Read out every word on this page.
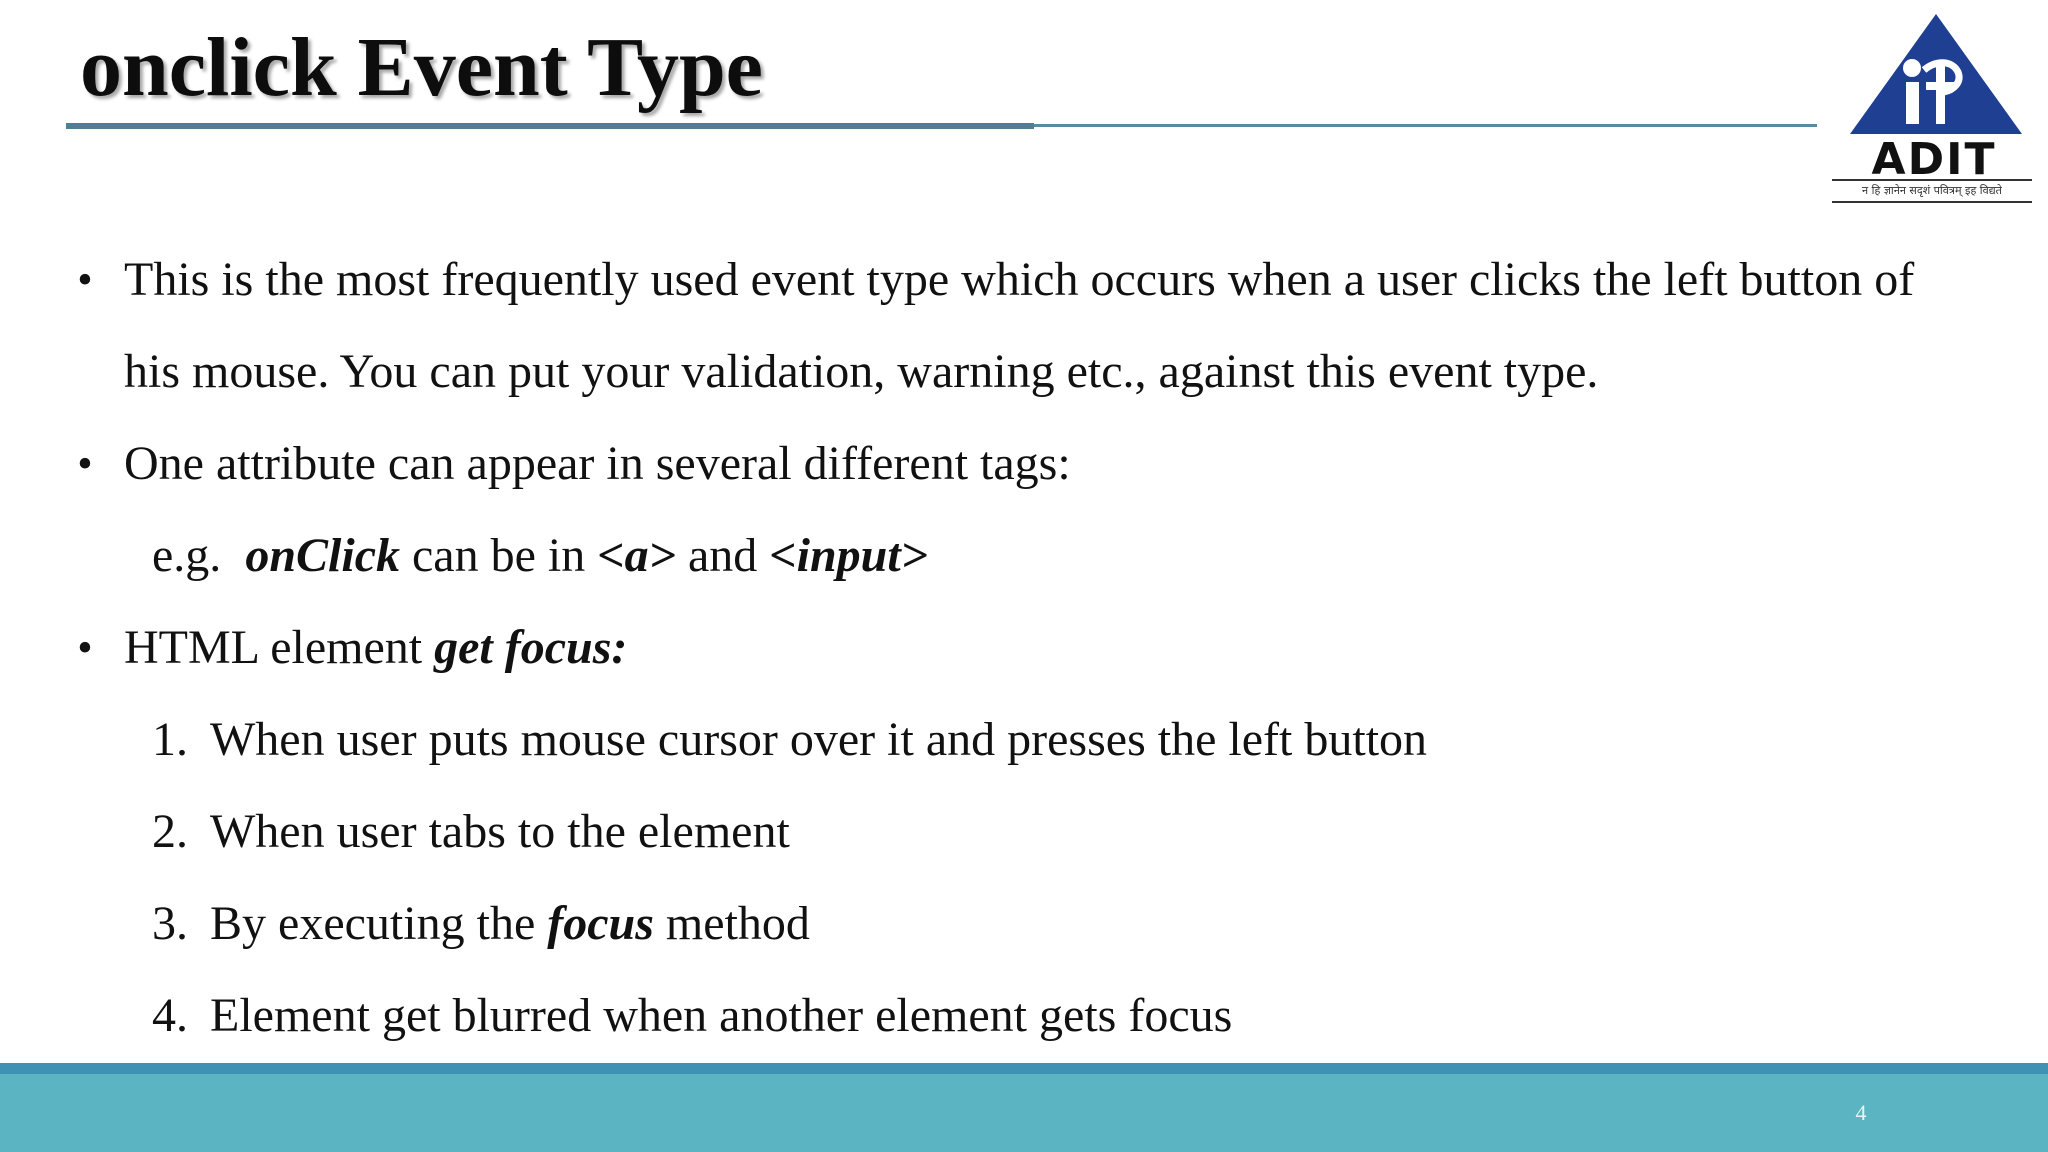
onclick Event Type
ADIT
न हि ज्ञानेन सदृशं पवित्रम् इह विद्यते
• This is the most frequently used event type which occurs when a user clicks the left button of
his mouse. You can put your validation, warning etc., against this event type.
• One attribute can appear in several different tags:
e.g.  onClick can be in <a> and <input>
• HTML element get focus:
1. When user puts mouse cursor over it and presses the left button
2. When user tabs to the element
3. By executing the focus method
4. Element get blurred when another element gets focus
4
